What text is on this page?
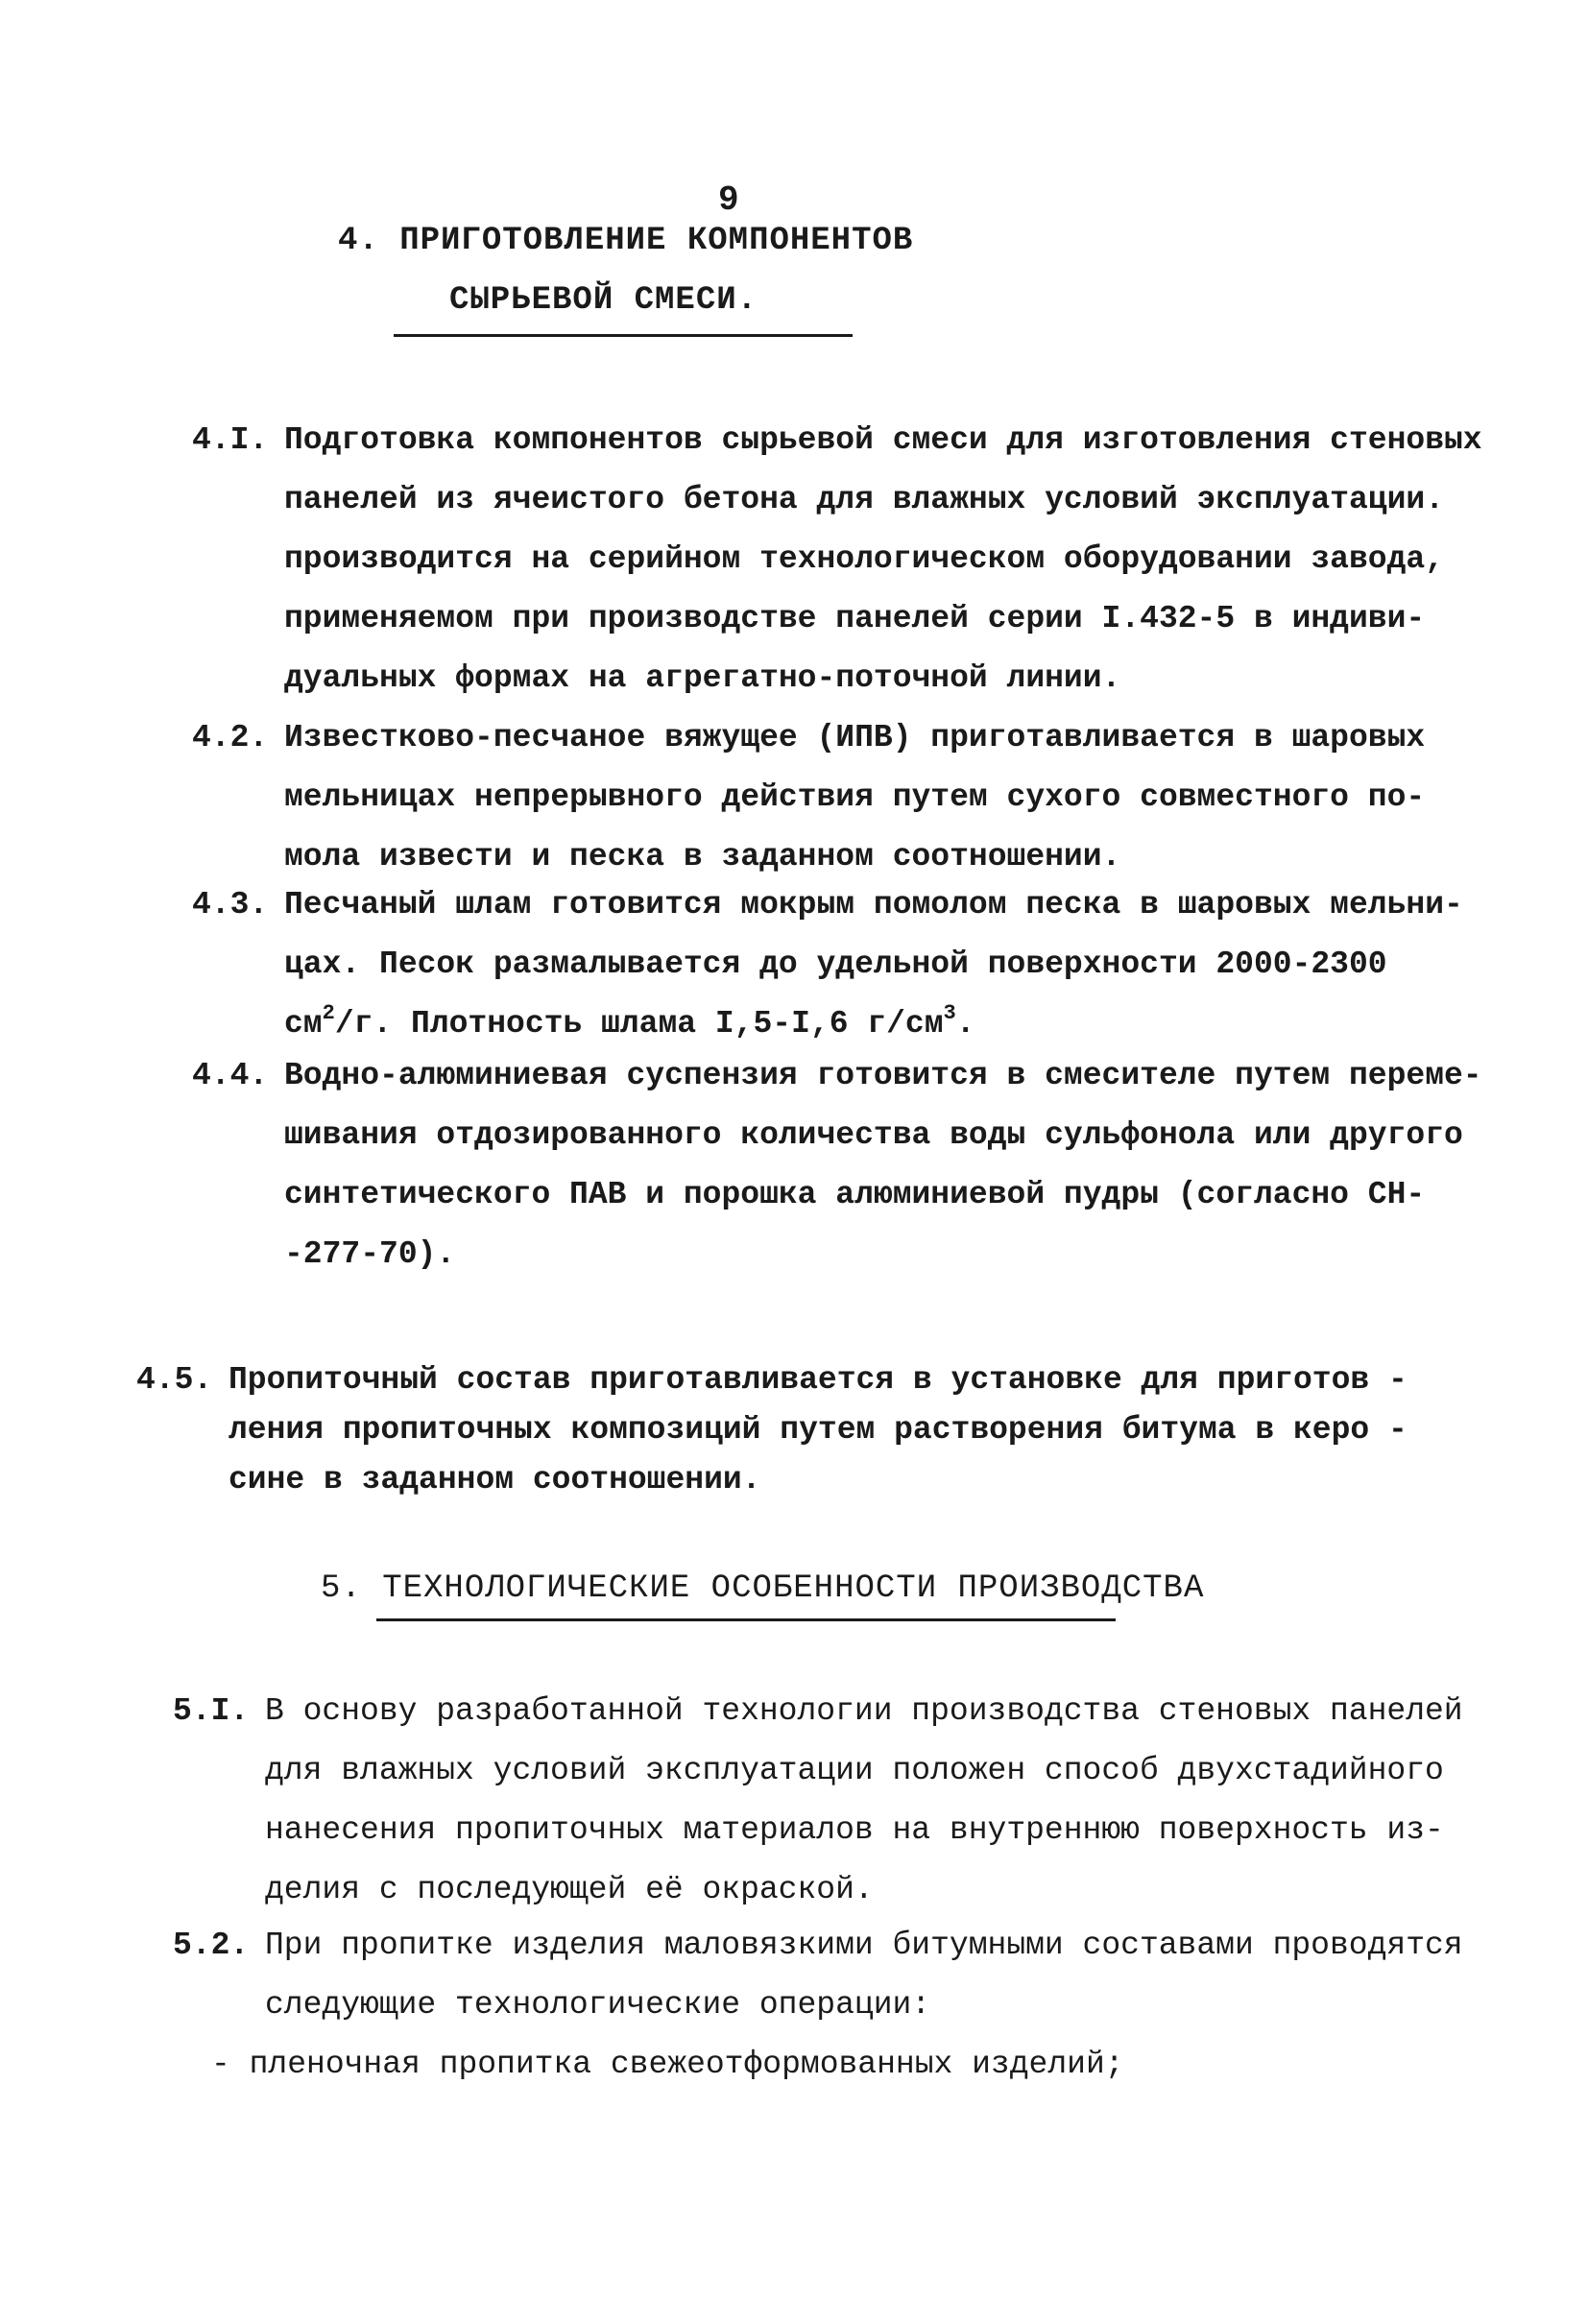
9
4. ПРИГОТОВЛЕНИЕ КОМПОНЕНТОВ
СЫРЬЕВОЙ СМЕСИ.
4.I. Подготовка компонентов сырьевой смеси для изготовления стеновых
панелей из ячеистого бетона для влажных условий эксплуатации.
производится на серийном технологическом оборудовании завода,
применяемом при производстве панелей серии I.432-5 в индиви-
дуальных формах на агрегатно-поточной линии.
4.2. Известково-песчаное вяжущее (ИПВ) приготавливается в шаровых
мельницах непрерывного действия путем сухого совместного по-
мола извести и песка в заданном соотношении.
4.3. Песчаный шлам готовится мокрым помолом песка в шаровых мельни-
цах. Песок размалывается до удельной поверхности 2000-2300
$см^2/г$. Плотность шлама I,5-I,6 $г/см^3$.
4.4. Водно-алюминиевая суспензия готовится в смесителе путем переме-
шивания отдозированного количества воды сульфонола или другого
синтетического ПАВ и порошка алюминиевой пудры (согласно СН-
-277-70).
4.5. Пропиточный состав приготавливается в установке для приготов -
ления пропиточных композиций путем растворения битума в керо -
сине в заданном соотношении.
5. ТЕХНОЛОГИЧЕСКИЕ ОСОБЕННОСТИ ПРОИЗВОДСТВА
5.I. В основу разработанной технологии производства стеновых панелей
для влажных условий эксплуатации положен способ двухстадийного
нанесения пропиточных материалов на внутреннюю поверхность из-
делия с последующей её окраской.
5.2. При пропитке изделия маловязкими битумными составами проводятся
следующие технологические операции:
- пленочная пропитка свежеотформованных изделий;
